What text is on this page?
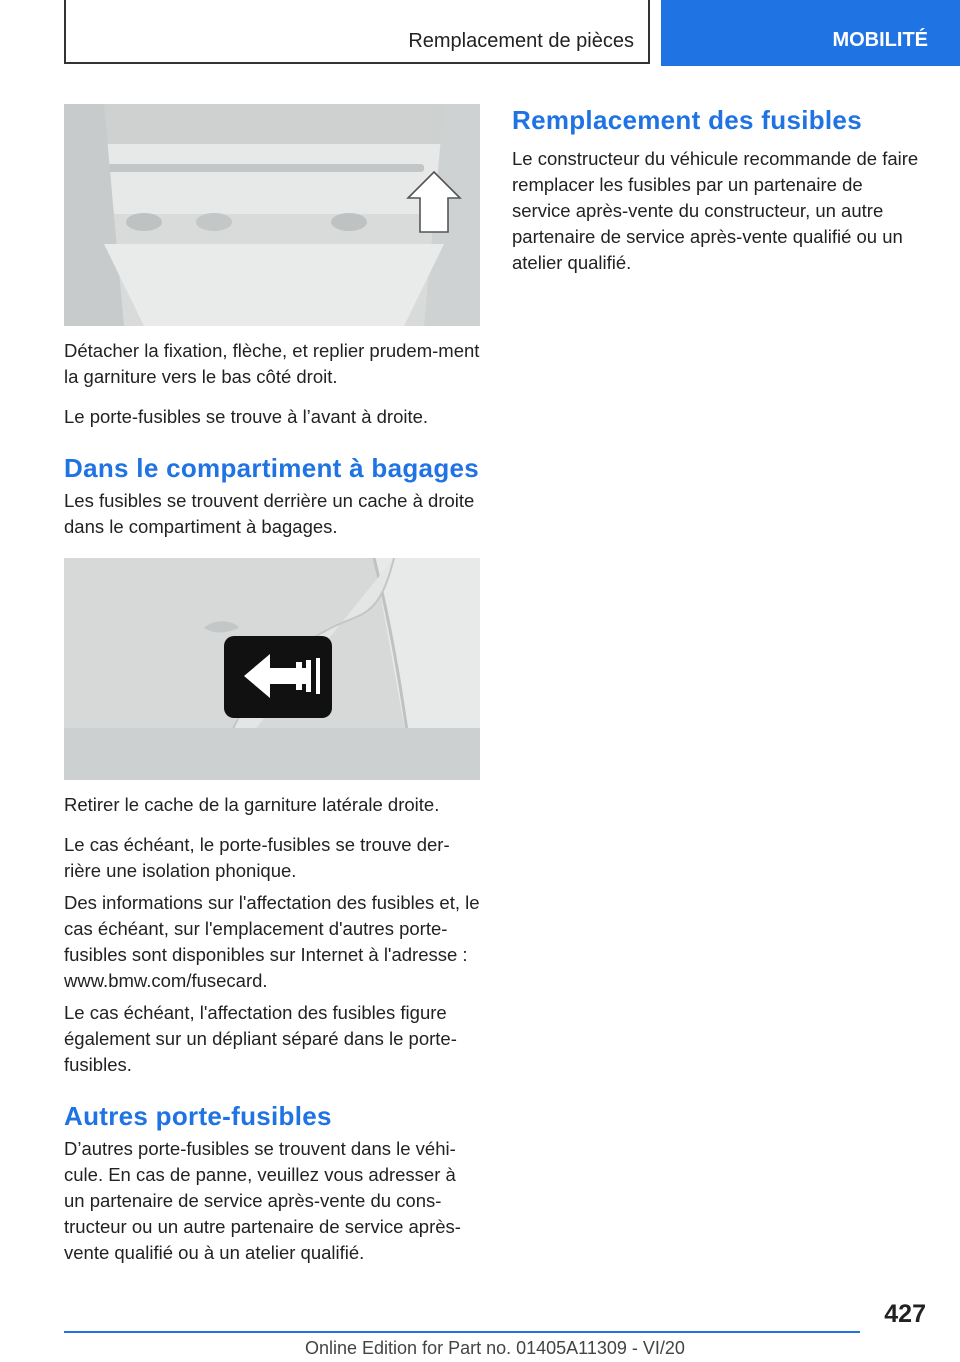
Remplacement de pièces	MOBILITÉ

Détacher la fixation, flèche, et replier prudem-ment la garniture vers le bas côté droit.

Le porte-fusibles se trouve à l’avant à droite.

Dans le compartiment à bagages

Les fusibles se trouvent derrière un cache à droite dans le compartiment à bagages.

Retirer le cache de la garniture latérale droite.

Le cas échéant, le porte-fusibles se trouve der-rière une isolation phonique.

Des informations sur l'affectation des fusibles et, le cas échéant, sur l'emplacement d'autres porte-fusibles sont disponibles sur Internet à l'adresse : www.bmw.com/fusecard.

Le cas échéant, l'affectation des fusibles figure également sur un dépliant séparé dans le porte-fusibles.

Autres porte-fusibles

D’autres porte-fusibles se trouvent dans le véhi-cule. En cas de panne, veuillez vous adresser à un partenaire de service après-vente du cons-tructeur ou un autre partenaire de service après-vente qualifié ou à un atelier qualifié.

Remplacement des fusibles

Le constructeur du véhicule recommande de faire remplacer les fusibles par un partenaire de service après-vente du constructeur, un autre partenaire de service après-vente qualifié ou un atelier qualifié.

427
Online Edition for Part no. 01405A11309 - VI/20
